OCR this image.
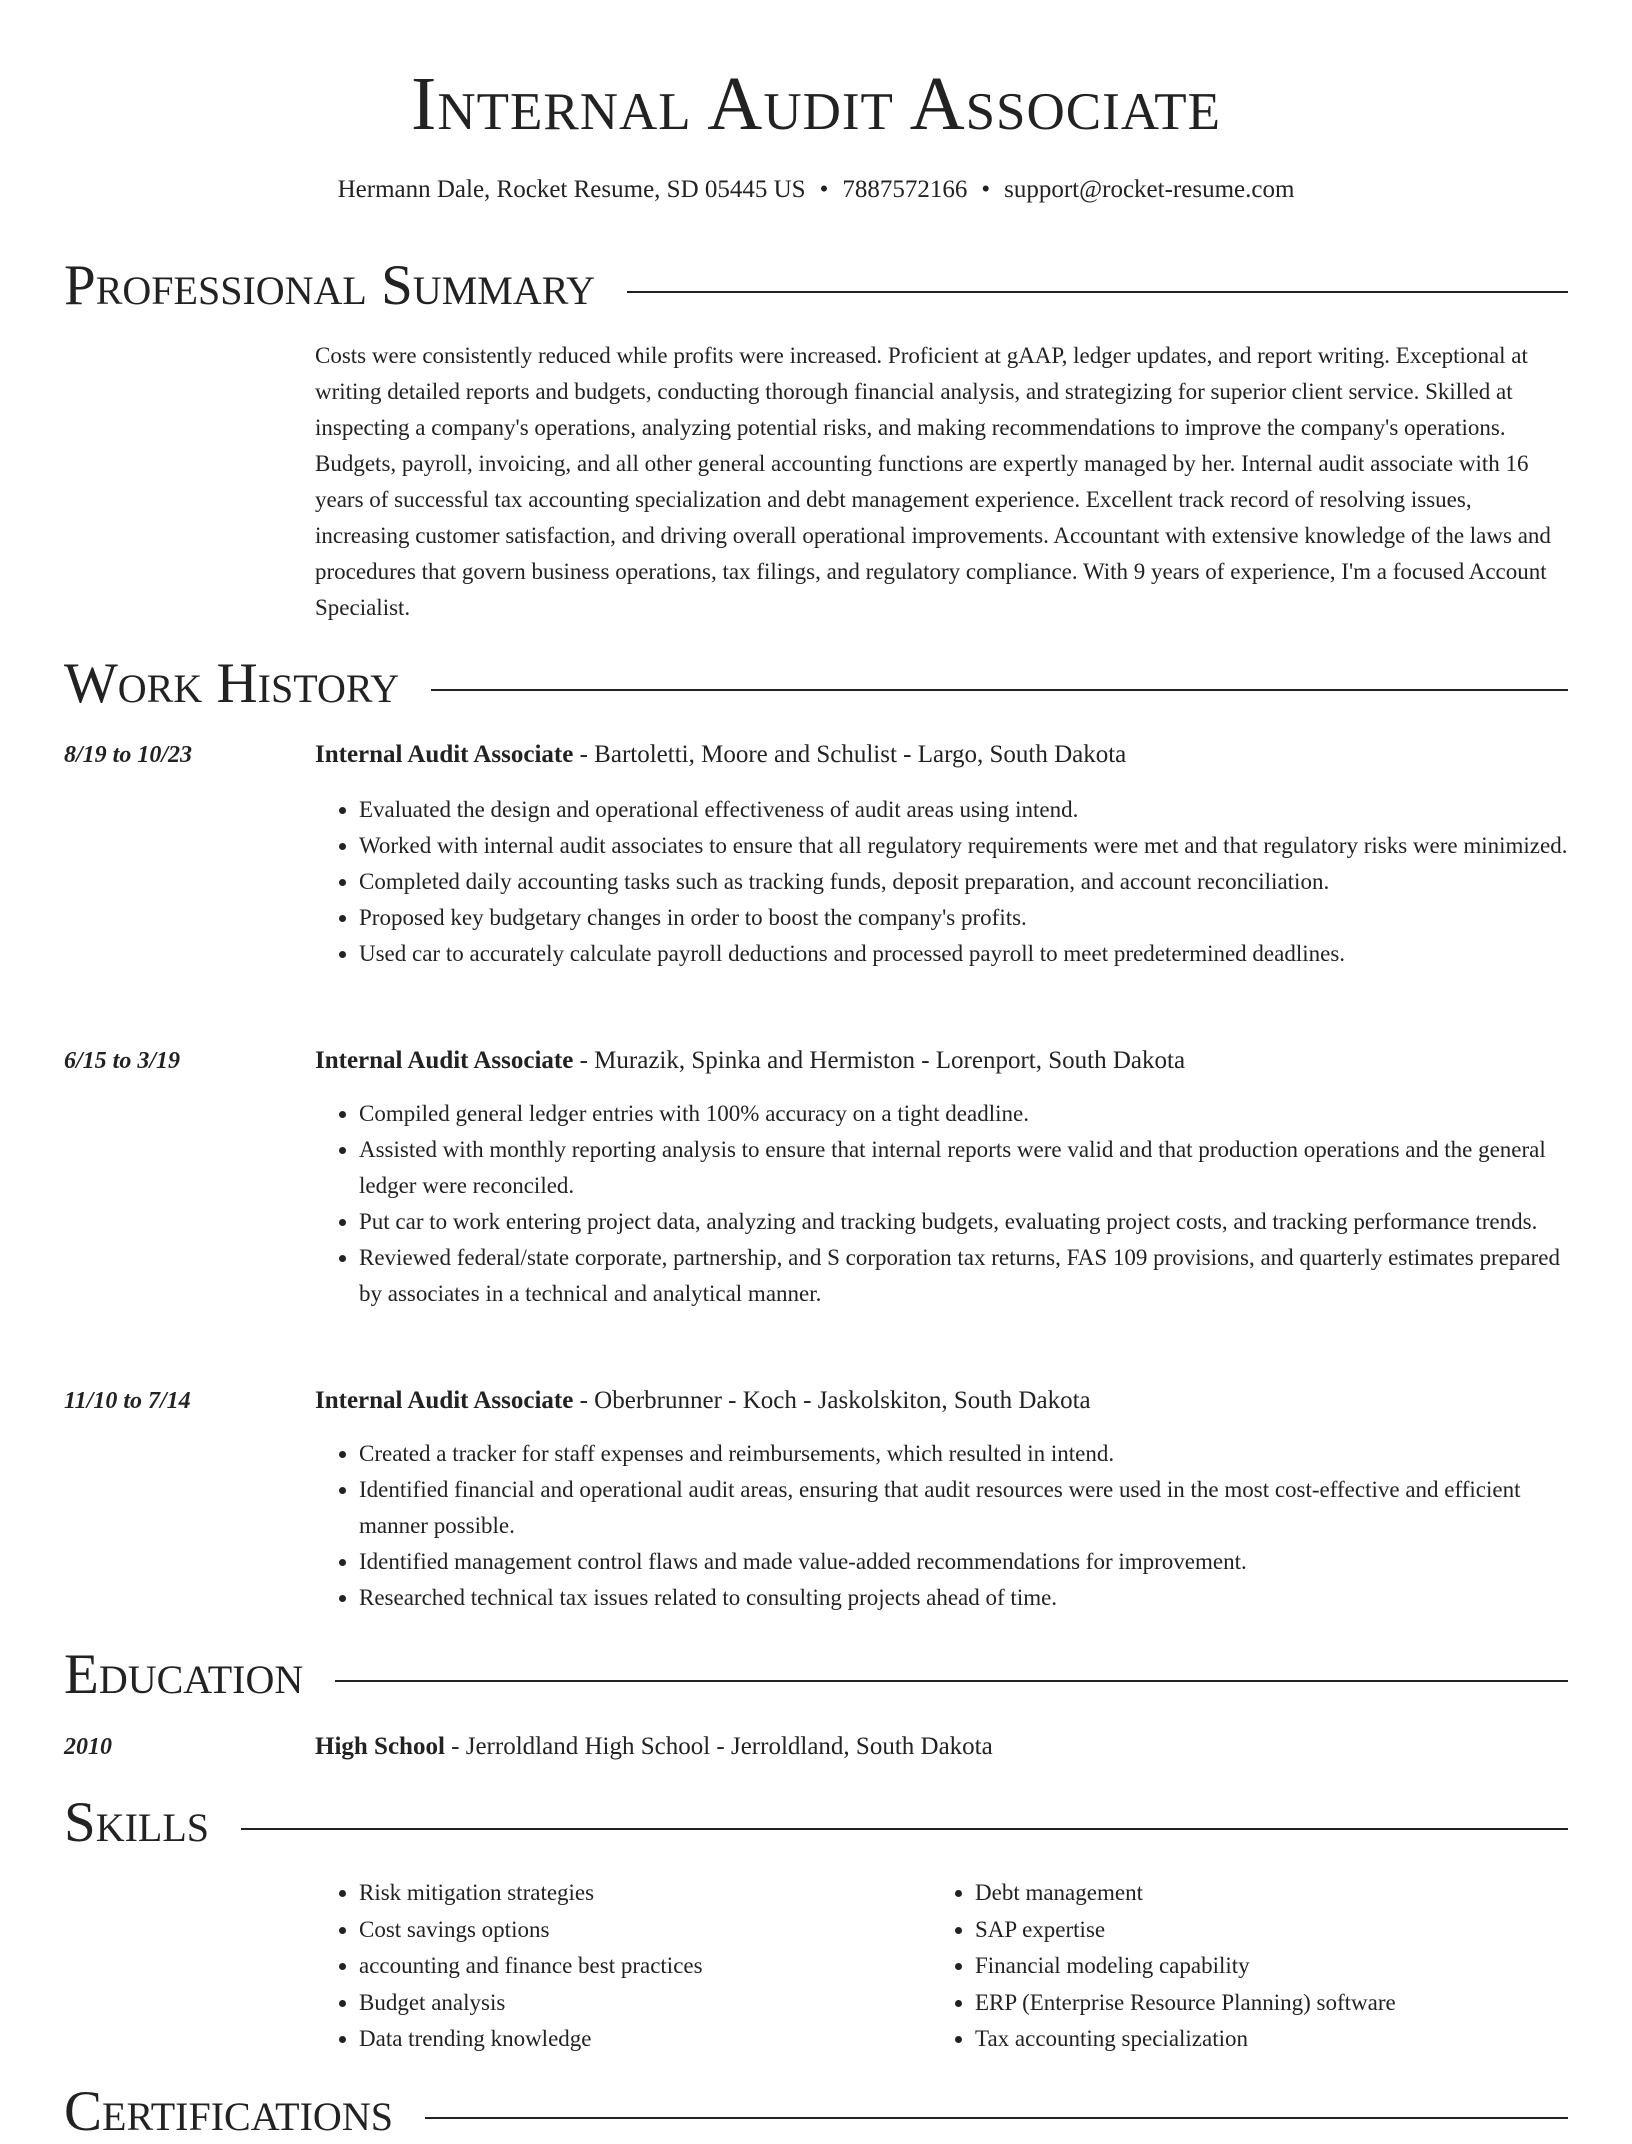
Internal Audit Associate
Hermann Dale, Rocket Resume, SD 05445 US • 7887572166 • support@rocket-resume.com
Professional Summary

Costs were consistently reduced while profits were increased. Proficient at gAAP, ledger updates, and report writing. Exceptional at writing detailed reports and budgets, conducting thorough financial analysis, and strategizing for superior client service. Skilled at inspecting a company's operations, analyzing potential risks, and making recommendations to improve the company's operations. Budgets, payroll, invoicing, and all other general accounting functions are expertly managed by her. Internal audit associate with 16 years of successful tax accounting specialization and debt management experience. Excellent track record of resolving issues, increasing customer satisfaction, and driving overall operational improvements. Accountant with extensive knowledge of the laws and procedures that govern business operations, tax filings, and regulatory compliance. With 9 years of experience, I'm a focused Account Specialist.

Work History
8/19 to 10/23	Internal Audit Associate - Bartoletti, Moore and Schulist - Largo, South Dakota
• Evaluated the design and operational effectiveness of audit areas using intend.
• Worked with internal audit associates to ensure that all regulatory requirements were met and that regulatory risks were minimized.
• Completed daily accounting tasks such as tracking funds, deposit preparation, and account reconciliation.
• Proposed key budgetary changes in order to boost the company's profits.
• Used car to accurately calculate payroll deductions and processed payroll to meet predetermined deadlines.
6/15 to 3/19	Internal Audit Associate - Murazik, Spinka and Hermiston - Lorenport, South Dakota
• Compiled general ledger entries with 100% accuracy on a tight deadline.
• Assisted with monthly reporting analysis to ensure that internal reports were valid and that production operations and the general ledger were reconciled.
• Put car to work entering project data, analyzing and tracking budgets, evaluating project costs, and tracking performance trends.
• Reviewed federal/state corporate, partnership, and S corporation tax returns, FAS 109 provisions, and quarterly estimates prepared by associates in a technical and analytical manner.
11/10 to 7/14	Internal Audit Associate - Oberbrunner - Koch - Jaskolskiton, South Dakota
• Created a tracker for staff expenses and reimbursements, which resulted in intend.
• Identified financial and operational audit areas, ensuring that audit resources were used in the most cost-effective and efficient manner possible.
• Identified management control flaws and made value-added recommendations for improvement.
• Researched technical tax issues related to consulting projects ahead of time.
Education
2010	High School - Jerroldland High School - Jerroldland, South Dakota
Skills
• Risk mitigation strategies
• Cost savings options
• accounting and finance best practices
• Budget analysis
• Data trending knowledge
• Debt management
• SAP expertise
• Financial modeling capability
• ERP (Enterprise Resource Planning) software
• Tax accounting specialization
Certifications
